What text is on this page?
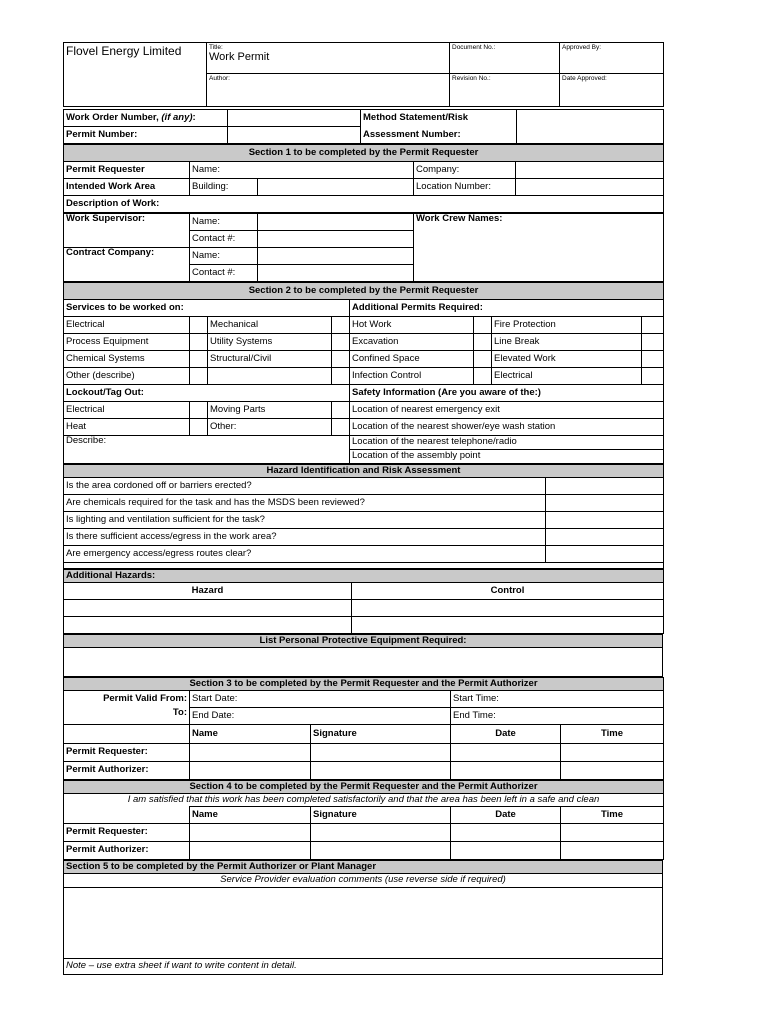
Flovel Energy Limited	Title:
Work Permit	Document No.:	Approved By:
	Author:	Revision No.:	Date Approved:
Work Order Number, (if any):		Method Statement/Risk	
Permit Number:		Assessment Number:	
Section 1 to be completed by the Permit Requester				
Permit Requester	Name:		Company:	
Intended Work Area	Building:		Location Number:	
Description of Work:				
Work Supervisor:	Name:		Work Crew Names:
	Contact #:		
Contract Company:	Name:		
	Contact #:		
Section 2 to be completed by the Permit Requester							
Services to be worked on:				Additional Permits Required:			
Electrical		Mechanical		Hot Work		Fire Protection	
Process Equipment		Utility Systems		Excavation		Line Break	
Chemical Systems		Structural/Civil		Confined Space		Elevated Work	
Other (describe)				Infection Control		Electrical	
Lockout/Tag Out:				Safety Information (Are you aware of the:)			
Electrical		Moving Parts		Location of nearest emergency exit			
Heat		Other:		Location of the nearest shower/eye wash station			
Describe:				Location of the nearest telephone/radio			
				Location of the assembly point			
Hazard Identification and Risk Assessment	
Is the area cordoned off or barriers erected?	
Are chemicals required for the task and has the MSDS been reviewed?	
Is lighting and ventilation sufficient for the task?	
Is there sufficient access/egress in the work area?	
Are emergency access/egress routes clear?	

Additional Hazards:	
Hazard	Control

List Personal Protective Equipment Required:

Section 3 to be completed by the Permit Requester and the Permit Authorizer				
Permit Valid From:	Start Date:		Start Time:	
To:	End Date:		End Time:	
	Name	Signature	Date	Time
Permit Requester:				
Permit Authorizer:				
Section 4 to be completed by the Permit Requester and the Permit Authorizer				
I am satisfied that this work has been completed satisfactorily and that the area has been left in a safe and clean				
	Name	Signature	Date	Time
Permit Requester:				
Permit Authorizer:				
Section 5 to be completed by the Permit Authorizer or Plant Manager
Service Provider evaluation comments (use reverse side if required)

Note – use extra sheet if want to write content in detail.
